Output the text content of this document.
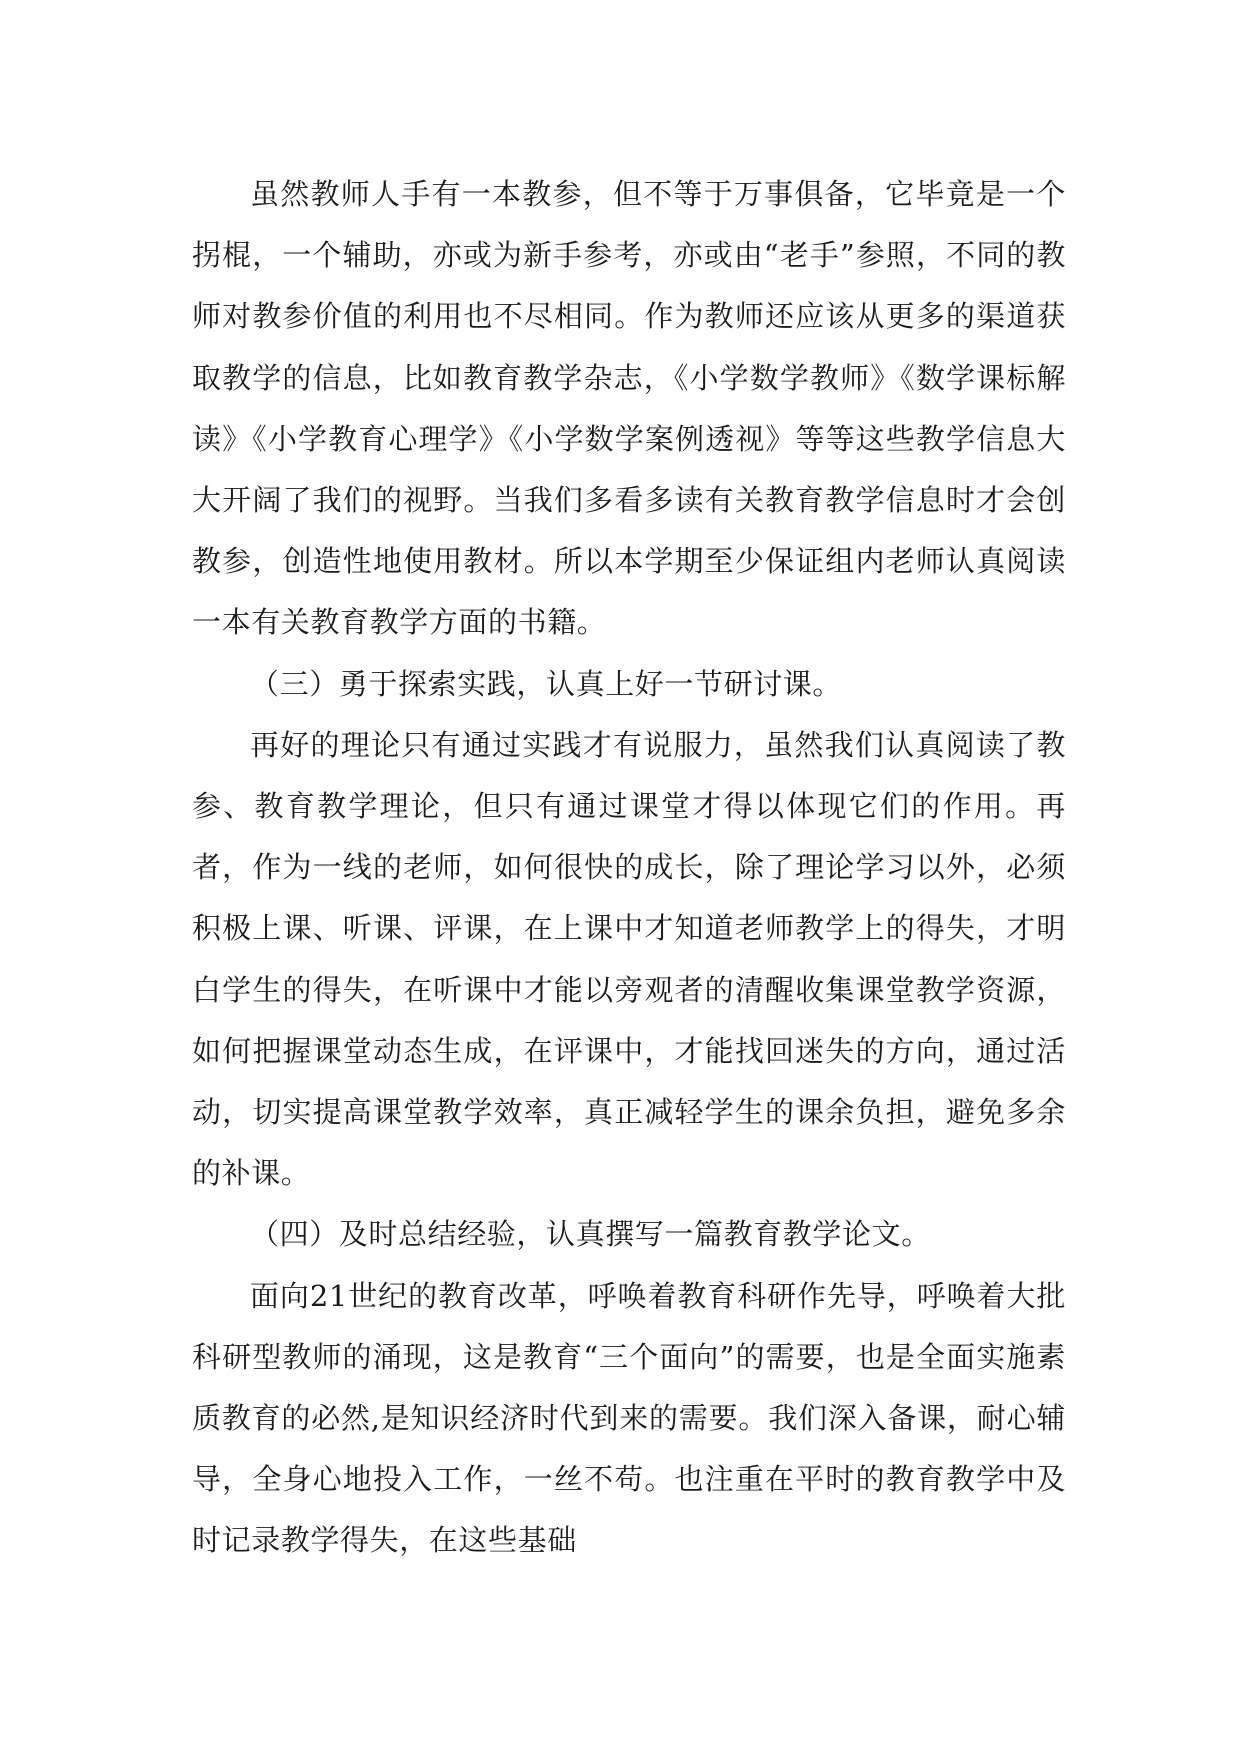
虽然教师人手有一本教参，但不等于万事俱备，它毕竟是一个拐棍，一个辅助，亦或为新手参考，亦或由“老手”参照，不同的教师对教参价值的利用也不尽相同。作为教师还应该从更多的渠道获取教学的信息，比如教育教学杂志，《小学数学教师》《数学课标解读》《小学教育心理学》《小学数学案例透视》等等这些教学信息大大开阔了我们的视野。当我们多看多读有关教育教学信息时才会创教参，创造性地使用教材。所以本学期至少保证组内老师认真阅读一本有关教育教学方面的书籍。

（三）勇于探索实践，认真上好一节研讨课。

再好的理论只有通过实践才有说服力，虽然我们认真阅读了教参、教育教学理论，但只有通过课堂才得以体现它们的作用。再者，作为一线的老师，如何很快的成长，除了理论学习以外，必须积极上课、听课、评课，在上课中才知道老师教学上的得失，才明白学生的得失，在听课中才能以旁观者的清醒收集课堂教学资源，如何把握课堂动态生成，在评课中，才能找回迷失的方向，通过活动，切实提高课堂教学效率，真正减轻学生的课余负担，避免多余的补课。

（四）及时总结经验，认真撰写一篇教育教学论文。

面向21世纪的教育改革，呼唤着教育科研作先导，呼唤着大批科研型教师的涌现，这是教育“三个面向”的需要，也是全面实施素质教育的必然,是知识经济时代到来的需要。我们深入备课，耐心辅导，全身心地投入工作，一丝不苟。也注重在平时的教育教学中及时记录教学得失，在这些基础
